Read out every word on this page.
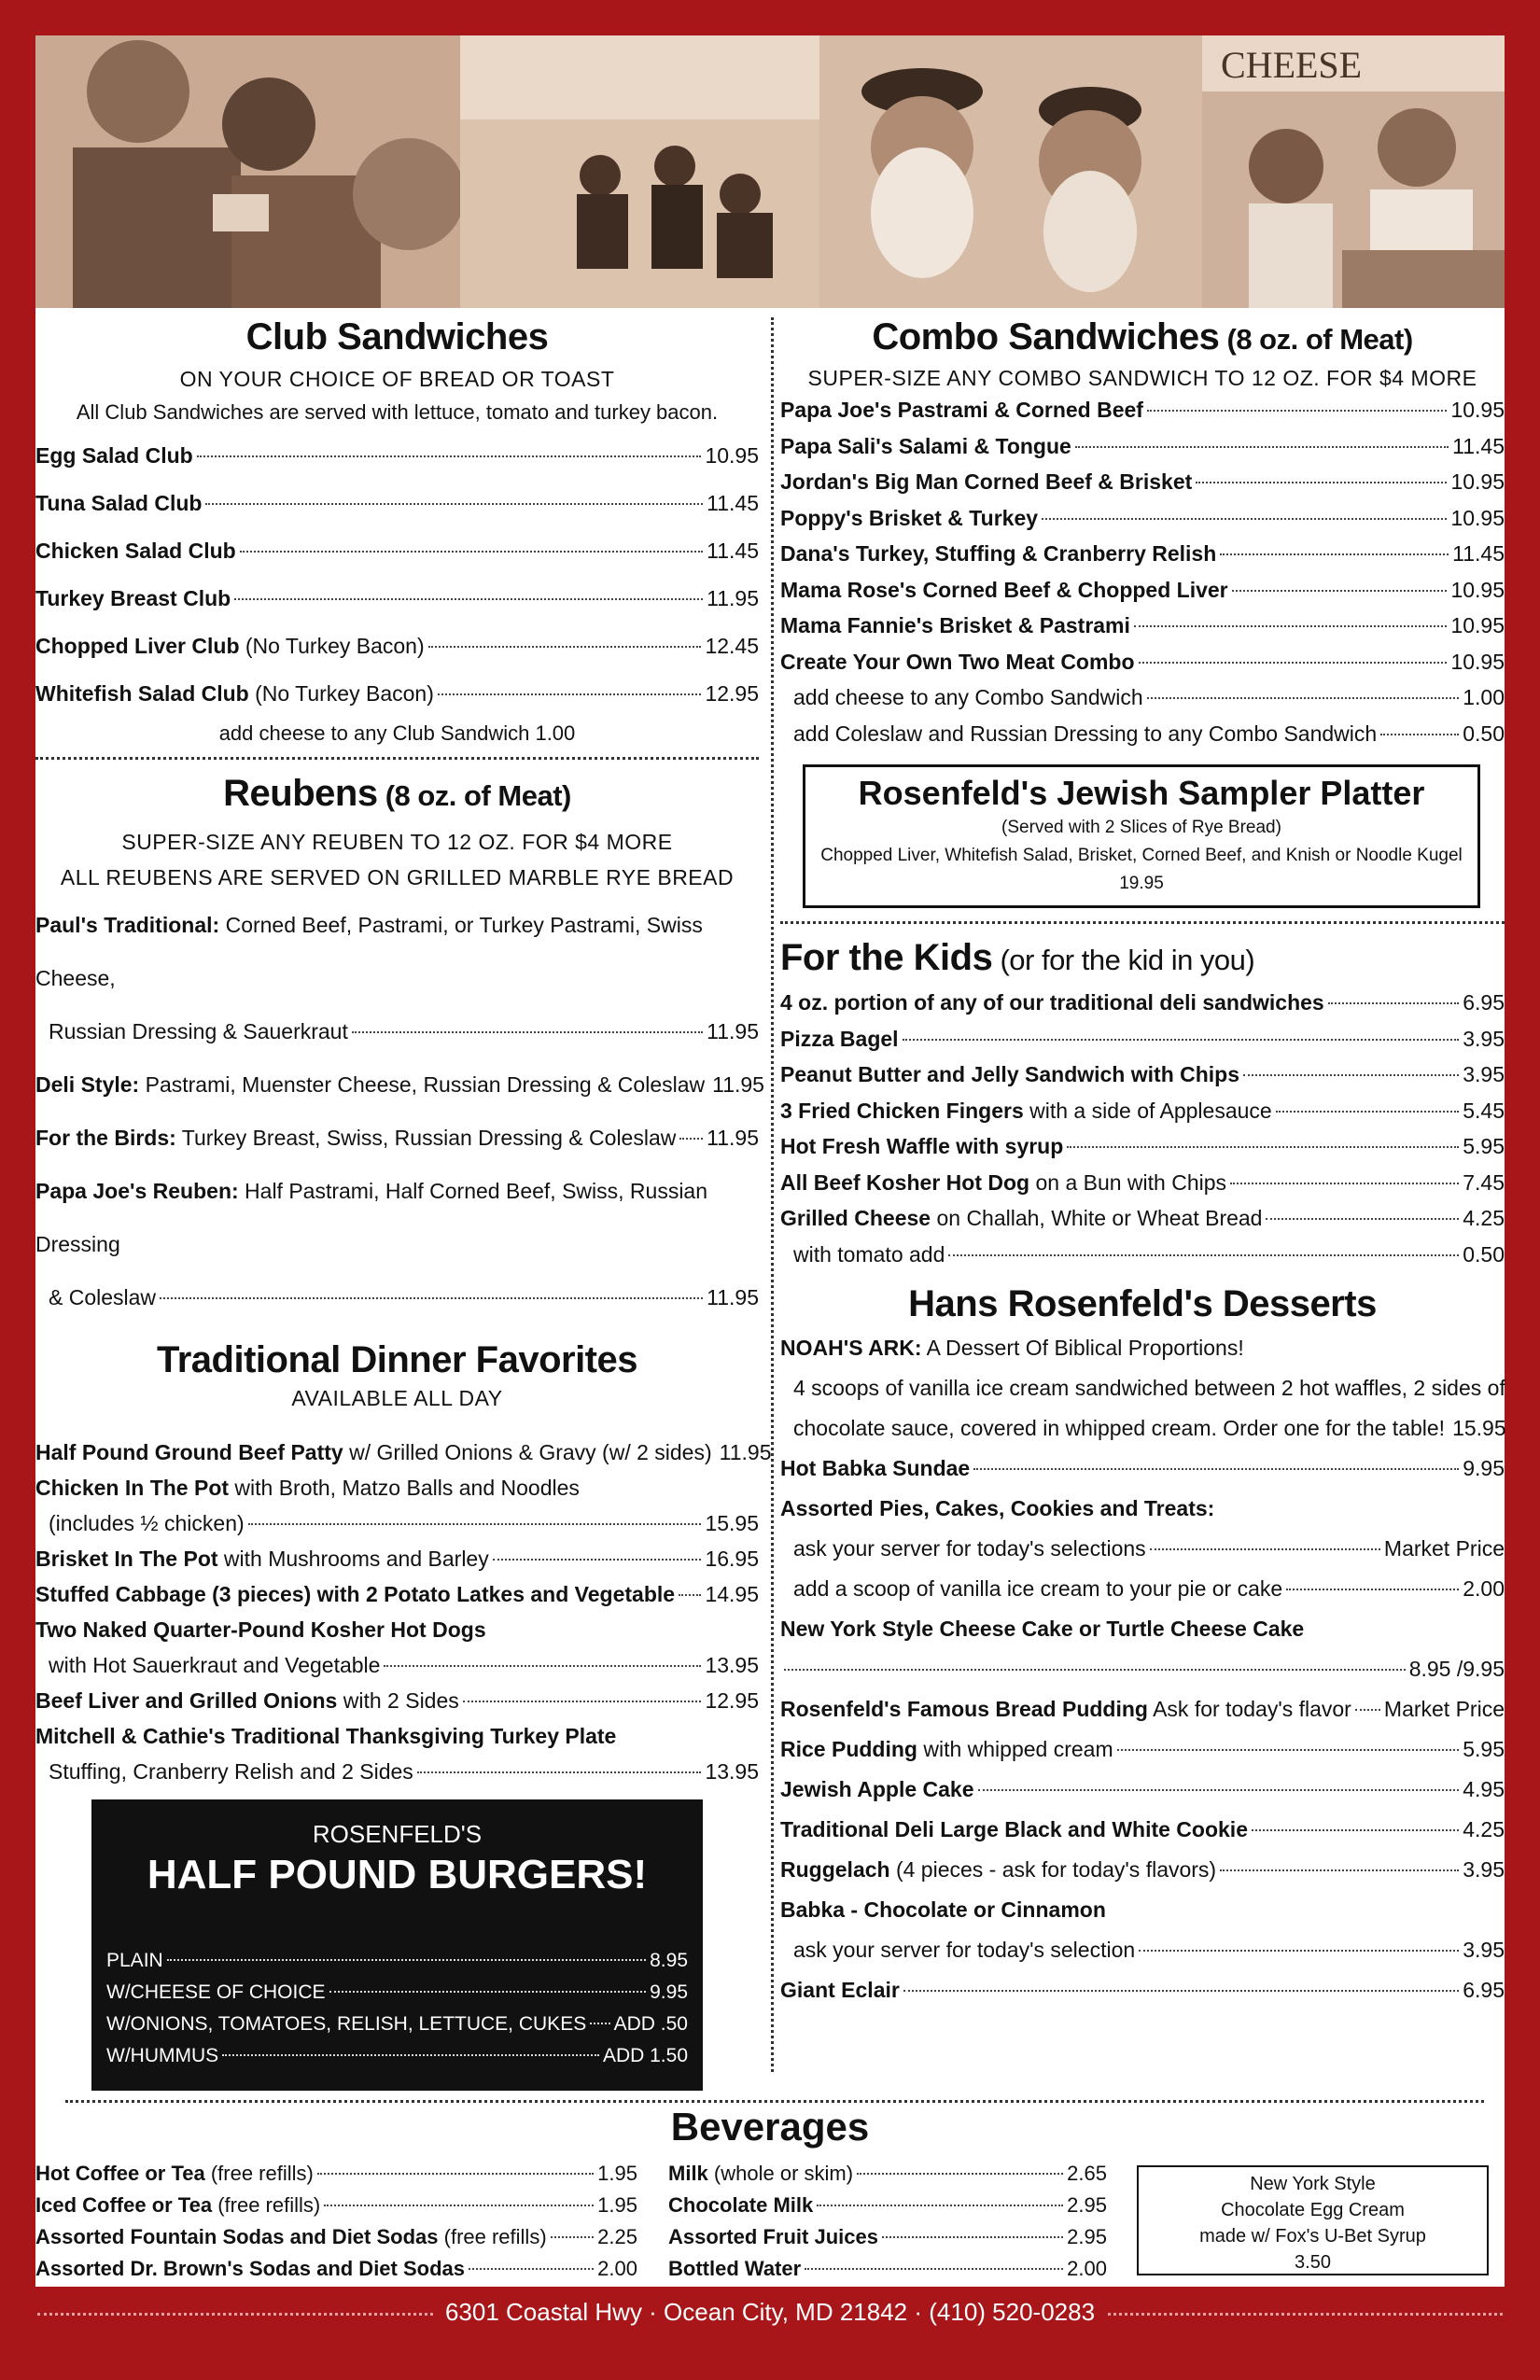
CHEESE
Club Sandwiches
ON YOUR CHOICE OF BREAD OR TOAST
All Club Sandwiches are served with lettuce, tomato and turkey bacon.
Egg Salad Club	10.95
Tuna Salad Club	11.45
Chicken Salad Club	11.45
Turkey Breast Club	11.95
Chopped Liver Club (No Turkey Bacon)	12.45
Whitefish Salad Club (No Turkey Bacon)	12.95
add cheese to any Club Sandwich 1.00
Reubens (8 oz. of Meat)
SUPER-SIZE ANY REUBEN TO 12 OZ. FOR $4 MORE
ALL REUBENS ARE SERVED ON GRILLED MARBLE RYE BREAD
Paul's Traditional: Corned Beef, Pastrami, or Turkey Pastrami, Swiss Cheese,
Russian Dressing & Sauerkraut	11.95
Deli Style: Pastrami, Muenster Cheese, Russian Dressing & Coleslaw 11.95
For the Birds: Turkey Breast, Swiss, Russian Dressing & Coleslaw 11.95
Papa Joe's Reuben: Half Pastrami, Half Corned Beef, Swiss, Russian Dressing
& Coleslaw	11.95
Traditional Dinner Favorites
AVAILABLE ALL DAY
Half Pound Ground Beef Patty w/ Grilled Onions & Gravy (w/ 2 sides) 11.95
Chicken In The Pot with Broth, Matzo Balls and Noodles
(includes ½ chicken)	15.95
Brisket In The Pot with Mushrooms and Barley	16.95
Stuffed Cabbage (3 pieces) with 2 Potato Latkes and Vegetable 14.95
Two Naked Quarter-Pound Kosher Hot Dogs
with Hot Sauerkraut and Vegetable	13.95
Beef Liver and Grilled Onions with 2 Sides	12.95
Mitchell & Cathie's Traditional Thanksgiving Turkey Plate
Stuffing, Cranberry Relish and 2 Sides	13.95
ROSENFELD'S
HALF POUND BURGERS!
PLAIN	8.95
W/CHEESE OF CHOICE	9.95
W/ONIONS, TOMATOES, RELISH, LETTUCE, CUKES ADD .50
W/HUMMUS	ADD 1.50
Combo Sandwiches (8 oz. of Meat)
SUPER-SIZE ANY COMBO SANDWICH TO 12 OZ. FOR $4 MORE
Papa Joe's Pastrami & Corned Beef	10.95
Papa Sali's Salami & Tongue	11.45
Jordan's Big Man Corned Beef & Brisket	10.95
Poppy's Brisket & Turkey	10.95
Dana's Turkey, Stuffing & Cranberry Relish	11.45
Mama Rose's Corned Beef & Chopped Liver	10.95
Mama Fannie's Brisket & Pastrami	10.95
Create Your Own Two Meat Combo	10.95
add cheese to any Combo Sandwich	1.00
add Coleslaw and Russian Dressing to any Combo Sandwich	0.50
Rosenfeld's Jewish Sampler Platter
(Served with 2 Slices of Rye Bread)
Chopped Liver, Whitefish Salad, Brisket, Corned Beef, and Knish or Noodle Kugel
19.95
For the Kids (or for the kid in you)
4 oz. portion of any of our traditional deli sandwiches	6.95
Pizza Bagel	3.95
Peanut Butter and Jelly Sandwich with Chips	3.95
3 Fried Chicken Fingers with a side of Applesauce	5.45
Hot Fresh Waffle with syrup	5.95
All Beef Kosher Hot Dog on a Bun with Chips	7.45
Grilled Cheese on Challah, White or Wheat Bread	4.25
with tomato add	0.50
Hans Rosenfeld's Desserts
NOAH'S ARK: A Dessert Of Biblical Proportions!
4 scoops of vanilla ice cream sandwiched between 2 hot waffles, 2 sides of
chocolate sauce, covered in whipped cream. Order one for the table! 15.95
Hot Babka Sundae	9.95
Assorted Pies, Cakes, Cookies and Treats:
ask your server for today's selections	Market Price
add a scoop of vanilla ice cream to your pie or cake	2.00
New York Style Cheese Cake or Turtle Cheese Cake
8.95 /9.95
Rosenfeld's Famous Bread Pudding Ask for today's flavor Market Price
Rice Pudding with whipped cream	5.95
Jewish Apple Cake	4.95
Traditional Deli Large Black and White Cookie	4.25
Ruggelach (4 pieces - ask for today's flavors)	3.95
Babka - Chocolate or Cinnamon
ask your server for today's selection	3.95
Giant Eclair	6.95
Beverages
Hot Coffee or Tea (free refills)	1.95
Iced Coffee or Tea (free refills)	1.95
Assorted Fountain Sodas and Diet Sodas (free refills) 2.25
Assorted Dr. Brown's Sodas and Diet Sodas	2.00
Milk (whole or skim)	2.65
Chocolate Milk	2.95
Assorted Fruit Juices	2.95
Bottled Water	2.00
New York Style
Chocolate Egg Cream
made w/ Fox's U-Bet Syrup
3.50
6301 Coastal Hwy · Ocean City, MD 21842 · (410) 520-0283
